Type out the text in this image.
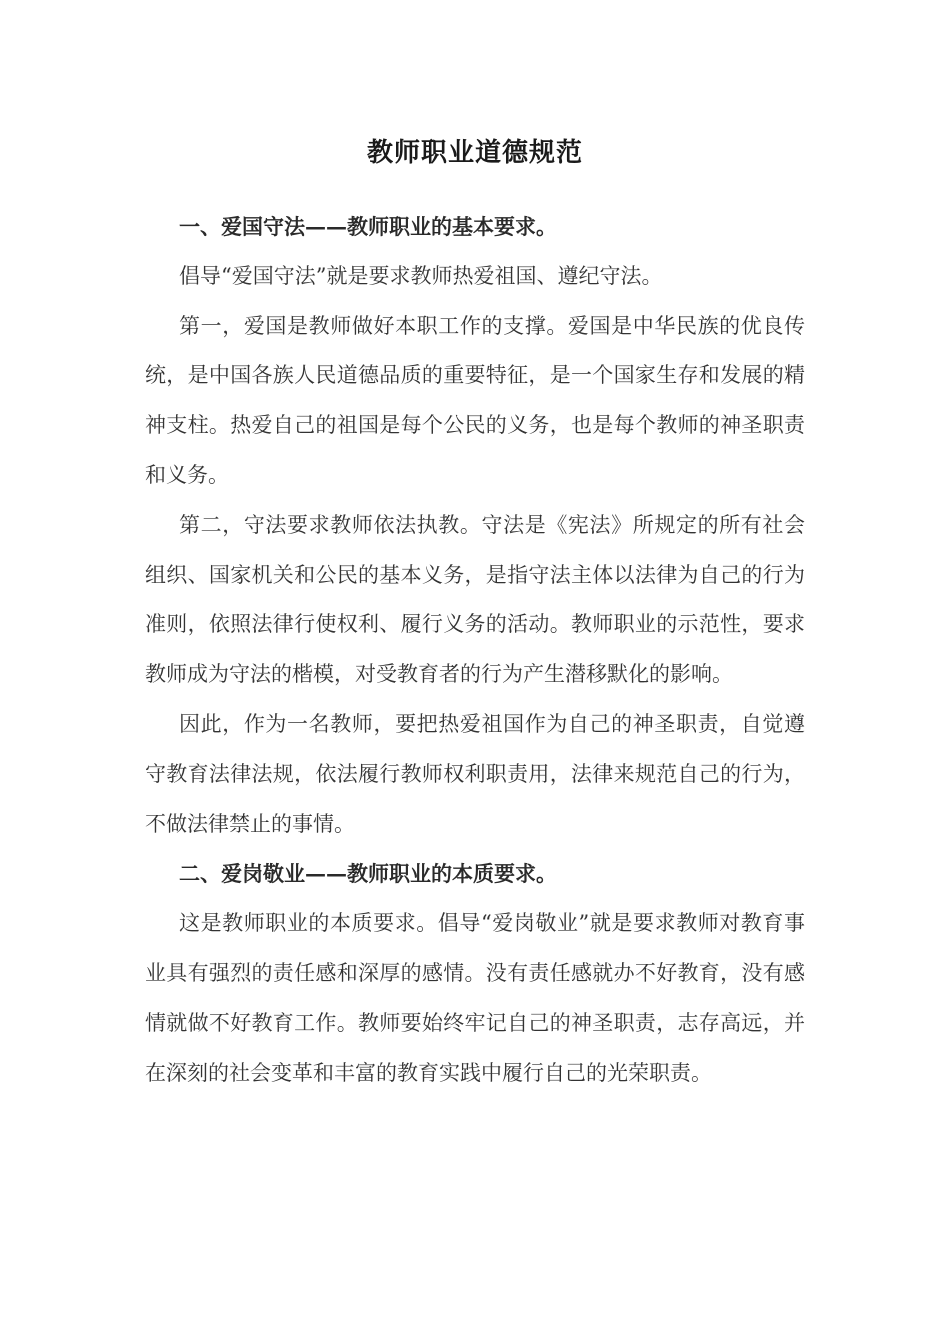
教师职业道德规范

一、爱国守法——教师职业的基本要求。

倡导“爱国守法”就是要求教师热爱祖国、遵纪守法。

第一，爱国是教师做好本职工作的支撑。爱国是中华民族的优良传统，是中国各族人民道德品质的重要特征，是一个国家生存和发展的精神支柱。热爱自己的祖国是每个公民的义务，也是每个教师的神圣职责和义务。

第二，守法要求教师依法执教。守法是《宪法》所规定的所有社会组织、国家机关和公民的基本义务，是指守法主体以法律为自己的行为准则，依照法律行使权利、履行义务的活动。教师职业的示范性，要求教师成为守法的楷模，对受教育者的行为产生潜移默化的影响。

因此，作为一名教师，要把热爱祖国作为自己的神圣职责，自觉遵守教育法律法规，依法履行教师权利职责用，法律来规范自己的行为，不做法律禁止的事情。

二、爱岗敬业——教师职业的本质要求。

这是教师职业的本质要求。倡导“爱岗敬业”就是要求教师对教育事业具有强烈的责任感和深厚的感情。没有责任感就办不好教育，没有感情就做不好教育工作。教师要始终牢记自己的神圣职责，志存高远，并在深刻的社会变革和丰富的教育实践中履行自己的光荣职责。
